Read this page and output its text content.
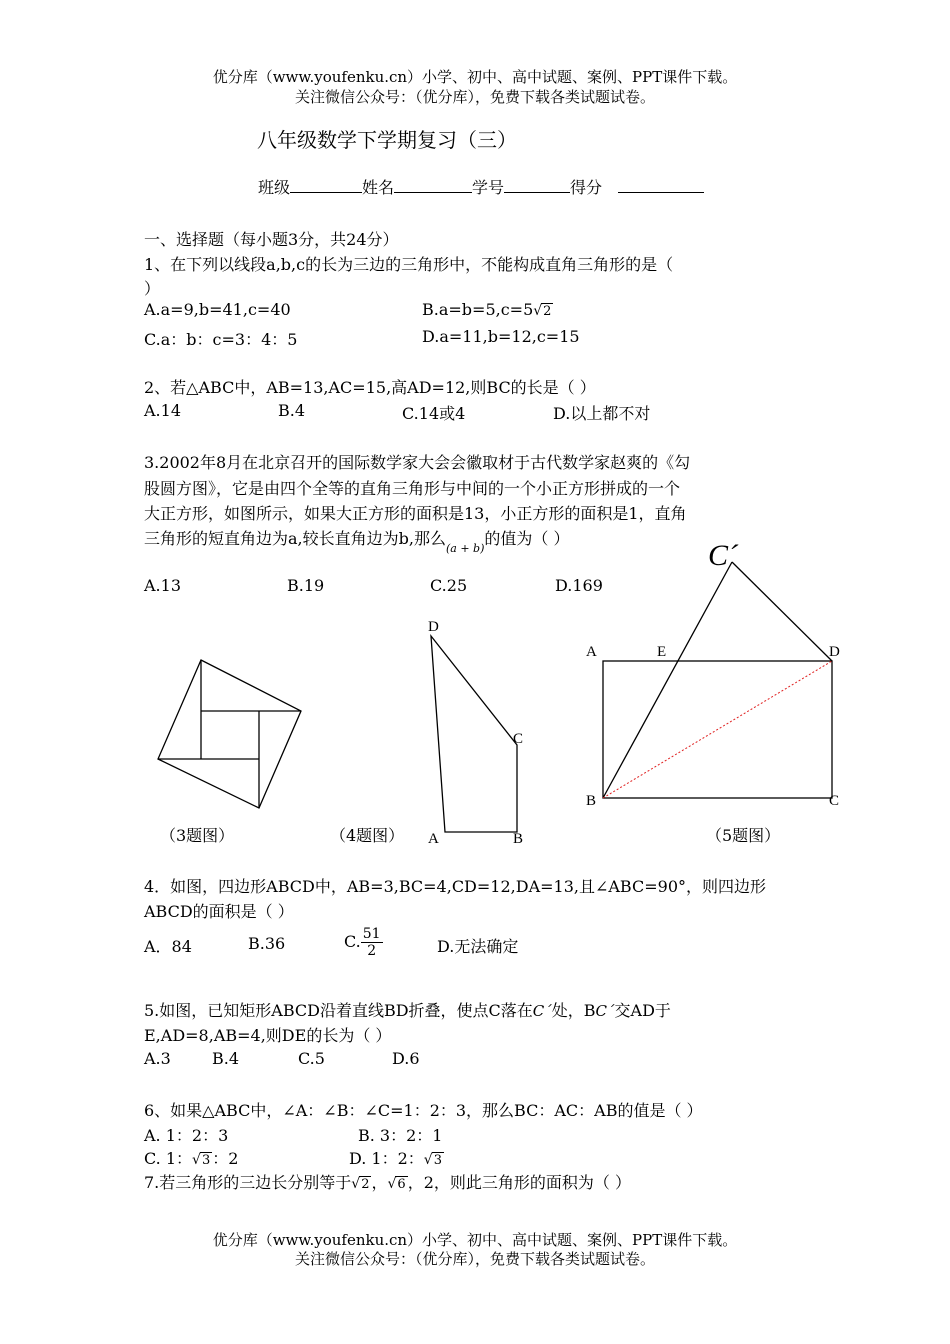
优分库（www.youfenku.cn）小学、初中、高中试题、案例、PPT课件下载。
关注微信公众号：（优分库），免费下载各类试题试卷。
八年级数学下学期复习（三）
班级	姓名	学号	得分
一、选择题（每小题3分，共24分）
1、在下列以线段a,b,c的长为三边的三角形中，不能构成直角三角形的是（
）
A.a=9,b=41,c=40	B.a=b=5,c=5√2
C.a：b：c=3：4：5	D.a=11,b=12,c=15
2、若△ABC中，AB=13,AC=15,高AD=12,则BC的长是（ ）
A.14	B.4	C.14或4	D.以上都不对
3.2002年8月在北京召开的国际数学家大会会徽取材于古代数学家赵爽的《勾
股圆方图》，它是由四个全等的直角三角形与中间的一个小正方形拼成的一个
大正方形，如图所示，如果大正方形的面积是13，小正方形的面积是1，直角
三角形的短直角边为a,较长直角边为b,那么$_{(a + b)}$的值为（ ）
A.13	B.19	C.25	D.169
D
C
A	B
C´
A	E	D
B	C
（3题图）	（4题图）	（5题图）
4．如图，四边形ABCD中，AB=3,BC=4,CD=12,DA=13,且∠ABC=90°，则四边形
ABCD的面积是（ ）
A．84	B.36	C. $\frac{51}{2}$	D.无法确定
5.如图，已知矩形ABCD沿着直线BD折叠，使点C落在C´处，BC´交AD于
E,AD=8,AB=4,则DE的长为（ ）
A.3	B.4	C.5	D.6
6、如果△ABC中，∠A：∠B：∠C=1：2：3，那么BC：AC：AB的值是（ ）
A. 1：2：3	B. 3：2：1
C. 1：√3 ：2	D. 1：2：√3
7.若三角形的三边长分别等于√2 ，√6 ，2，则此三角形的面积为（ ）
优分库（www.youfenku.cn）小学、初中、高中试题、案例、PPT课件下载。
关注微信公众号：（优分库），免费下载各类试题试卷。
